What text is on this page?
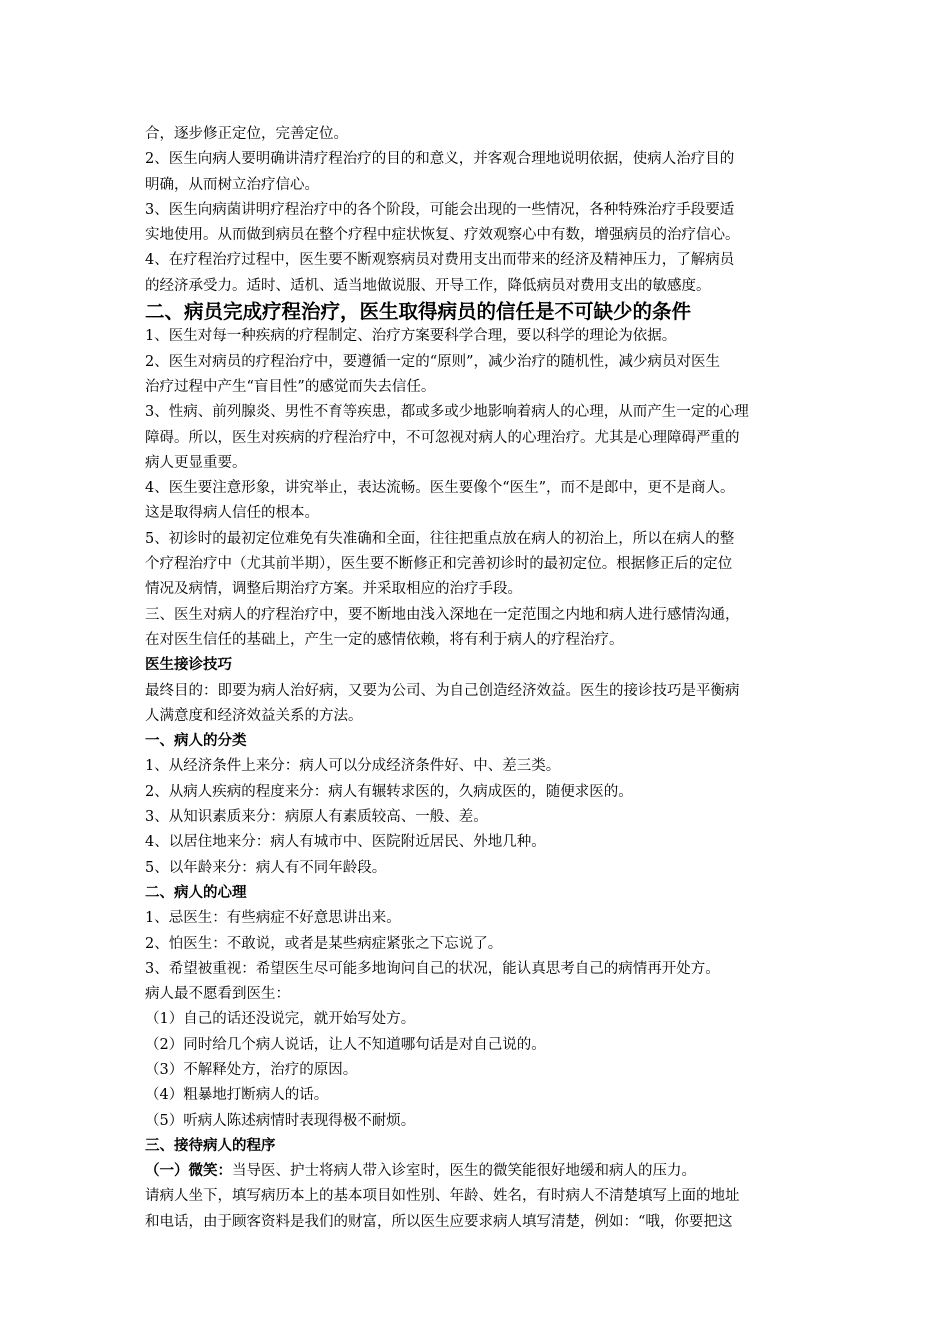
合，逐步修正定位，完善定位。

2、医生向病人要明确讲清疗程治疗的目的和意义，并客观合理地说明依据，使病人治疗目的

明确，从而树立治疗信心。

3、医生向病菌讲明疗程治疗中的各个阶段，可能会出现的一些情况，各种特殊治疗手段要适

实地使用。从而做到病员在整个疗程中症状恢复、疗效观察心中有数，增强病员的治疗信心。

4、在疗程治疗过程中，医生要不断观察病员对费用支出而带来的经济及精神压力，了解病员

的经济承受力。适时、适机、适当地做说服、开导工作，降低病员对费用支出的敏感度。

二、病员完成疗程治疗，医生取得病员的信任是不可缺少的条件

1、医生对每一种疾病的疗程制定、治疗方案要科学合理，要以科学的理论为依据。

2、医生对病员的疗程治疗中，要遵循一定的“原则”，减少治疗的随机性，减少病员对医生

治疗过程中产生“盲目性”的感觉而失去信任。

3、性病、前列腺炎、男性不育等疾患，都或多或少地影响着病人的心理，从而产生一定的心理

障碍。所以，医生对疾病的疗程治疗中，不可忽视对病人的心理治疗。尤其是心理障碍严重的

病人更显重要。

4、医生要注意形象，讲究举止，表达流畅。医生要像个“医生”，而不是郎中，更不是商人。

这是取得病人信任的根本。

5、初诊时的最初定位难免有失准确和全面，往往把重点放在病人的初治上，所以在病人的整

个疗程治疗中（尤其前半期），医生要不断修正和完善初诊时的最初定位。根据修正后的定位

情况及病情，调整后期治疗方案。并采取相应的治疗手段。

三、医生对病人的疗程治疗中，要不断地由浅入深地在一定范围之内地和病人进行感情沟通，

在对医生信任的基础上，产生一定的感情依赖，将有利于病人的疗程治疗。

医生接诊技巧

最终目的：即要为病人治好病，又要为公司、为自己创造经济效益。医生的接诊技巧是平衡病

人满意度和经济效益关系的方法。

一、病人的分类

1、从经济条件上来分：病人可以分成经济条件好、中、差三类。

2、从病人疾病的程度来分：病人有辗转求医的，久病成医的，随便求医的。

3、从知识素质来分：病原人有素质较高、一般、差。

4、以居住地来分：病人有城市中、医院附近居民、外地几种。

5、以年龄来分：病人有不同年龄段。

二、病人的心理

1、忌医生：有些病症不好意思讲出来。

2、怕医生：不敢说，或者是某些病症紧张之下忘说了。

3、希望被重视：希望医生尽可能多地询问自己的状况，能认真思考自己的病情再开处方。

病人最不愿看到医生：

（1）自己的话还没说完，就开始写处方。

（2）同时给几个病人说话，让人不知道哪句话是对自己说的。

（3）不解释处方，治疗的原因。

（4）粗暴地打断病人的话。

（5）听病人陈述病情时表现得极不耐烦。

三、接待病人的程序

（一）微笑：当导医、护士将病人带入诊室时，医生的微笑能很好地缓和病人的压力。

请病人坐下，填写病历本上的基本项目如性别、年龄、姓名，有时病人不清楚填写上面的地址

和电话，由于顾客资料是我们的财富，所以医生应要求病人填写清楚，例如：“哦，你要把这
